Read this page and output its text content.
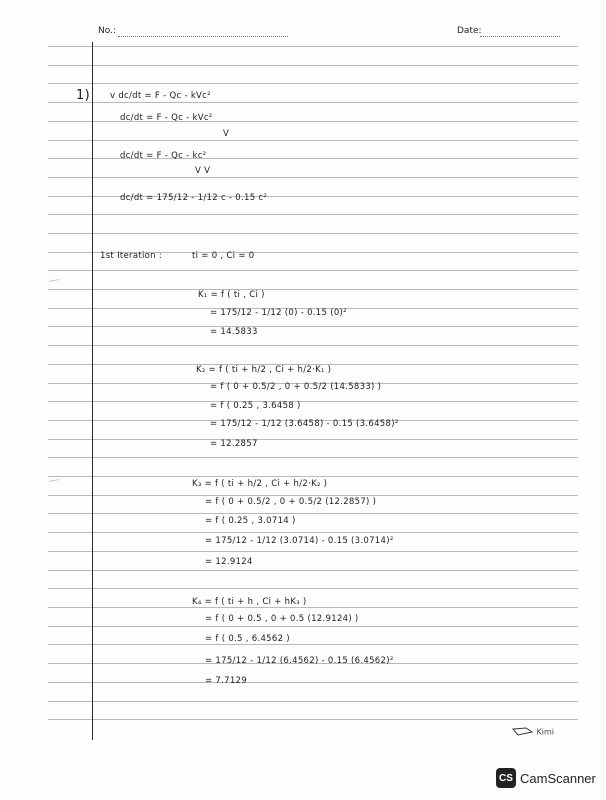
No.:	Date:
1) v dc/dt = F - Qc - kVc²
dc/dt = F - Qc - kVc²
V
dc/dt = F - Qc - kc²
V V
dc/dt = 175/12 - 1/12 c - 0.15 c²
1st Iteration :	ti = 0 , Ci = 0
K₁ = f ( ti , Ci )
= 175/12 - 1/12 (0) - 0.15 (0)²
= 14.5833
K₂ = f ( ti + h/2 , Ci + h/2·K₁ )
= f ( 0 + 0.5/2 , 0 + 0.5/2 (14.5833) )
= f ( 0.25 , 3.6458 )
= 175/12 - 1/12 (3.6458) - 0.15 (3.6458)²
= 12.2857
K₃ = f ( ti + h/2 , Ci + h/2·K₂ )
= f ( 0 + 0.5/2 , 0 + 0.5/2 (12.2857) )
= f ( 0.25 , 3.0714 )
= 175/12 - 1/12 (3.0714) - 0.15 (3.0714)²
= 12.9124
K₄ = f ( ti + h , Ci + hK₃ )
= f ( 0 + 0.5 , 0 + 0.5 (12.9124) )
= f ( 0.5 , 6.4562 )
= 175/12 - 1/12 (6.4562) - 0.15 (6.4562)²
= 7.7129
Kimi
CS CamScanner
